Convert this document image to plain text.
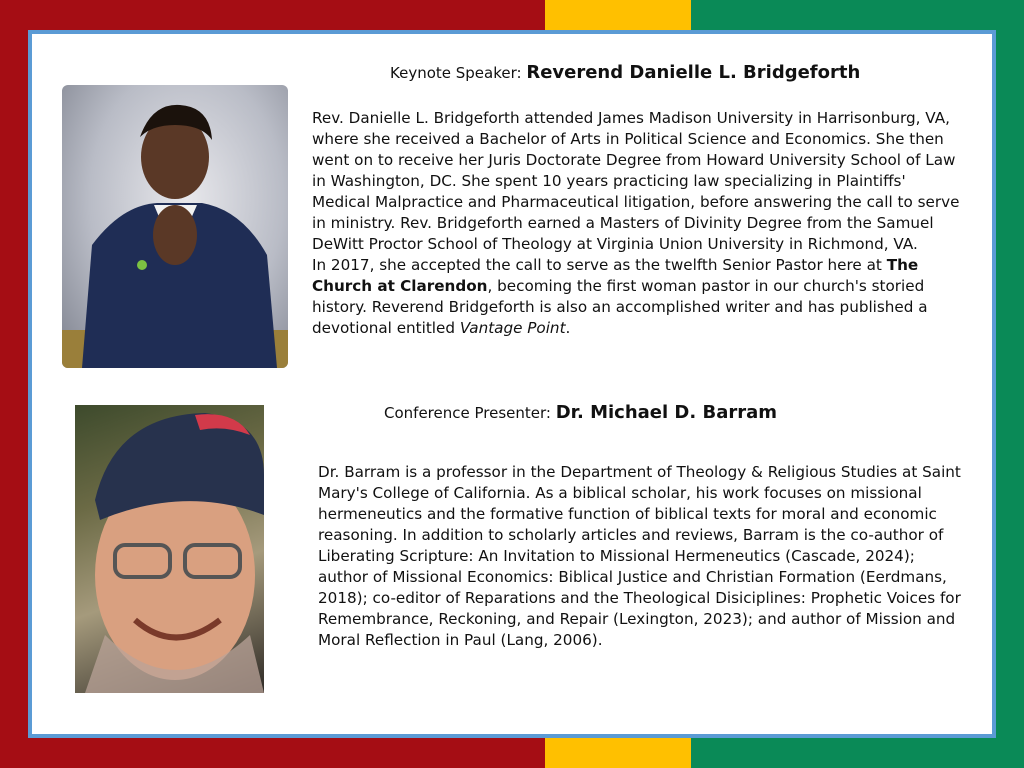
Keynote Speaker: Reverend Danielle L. Bridgeforth

Rev. Danielle L. Bridgeforth attended James Madison University in Harrisonburg, VA, where she received a Bachelor of Arts in Political Science and Economics. She then went on to receive her Juris Doctorate Degree from Howard University School of Law in Washington, DC. She spent 10 years practicing law specializing in Plaintiffs' Medical Malpractice and Pharmaceutical litigation, before answering the call to serve in ministry. Rev. Bridgeforth earned a Masters of Divinity Degree from the Samuel DeWitt Proctor School of Theology at Virginia Union University in Richmond, VA.

In 2017, she accepted the call to serve as the twelfth Senior Pastor here at The Church at Clarendon, becoming the first woman pastor in our church's storied history. Reverend Bridgeforth is also an accomplished writer and has published a devotional entitled Vantage Point.

Conference Presenter: Dr. Michael D. Barram

Dr. Barram is a professor in the Department of Theology & Religious Studies at Saint Mary's College of California. As a biblical scholar, his work focuses on missional hermeneutics and the formative function of biblical texts for moral and economic reasoning. In addition to scholarly articles and reviews, Barram is the co-author of Liberating Scripture: An Invitation to Missional Hermeneutics (Cascade, 2024); author of Missional Economics: Biblical Justice and Christian Formation (Eerdmans, 2018); co-editor of Reparations and the Theological Disiciplines: Prophetic Voices for Remembrance, Reckoning, and Repair (Lexington, 2023); and author of Mission and Moral Reflection in Paul (Lang, 2006).
